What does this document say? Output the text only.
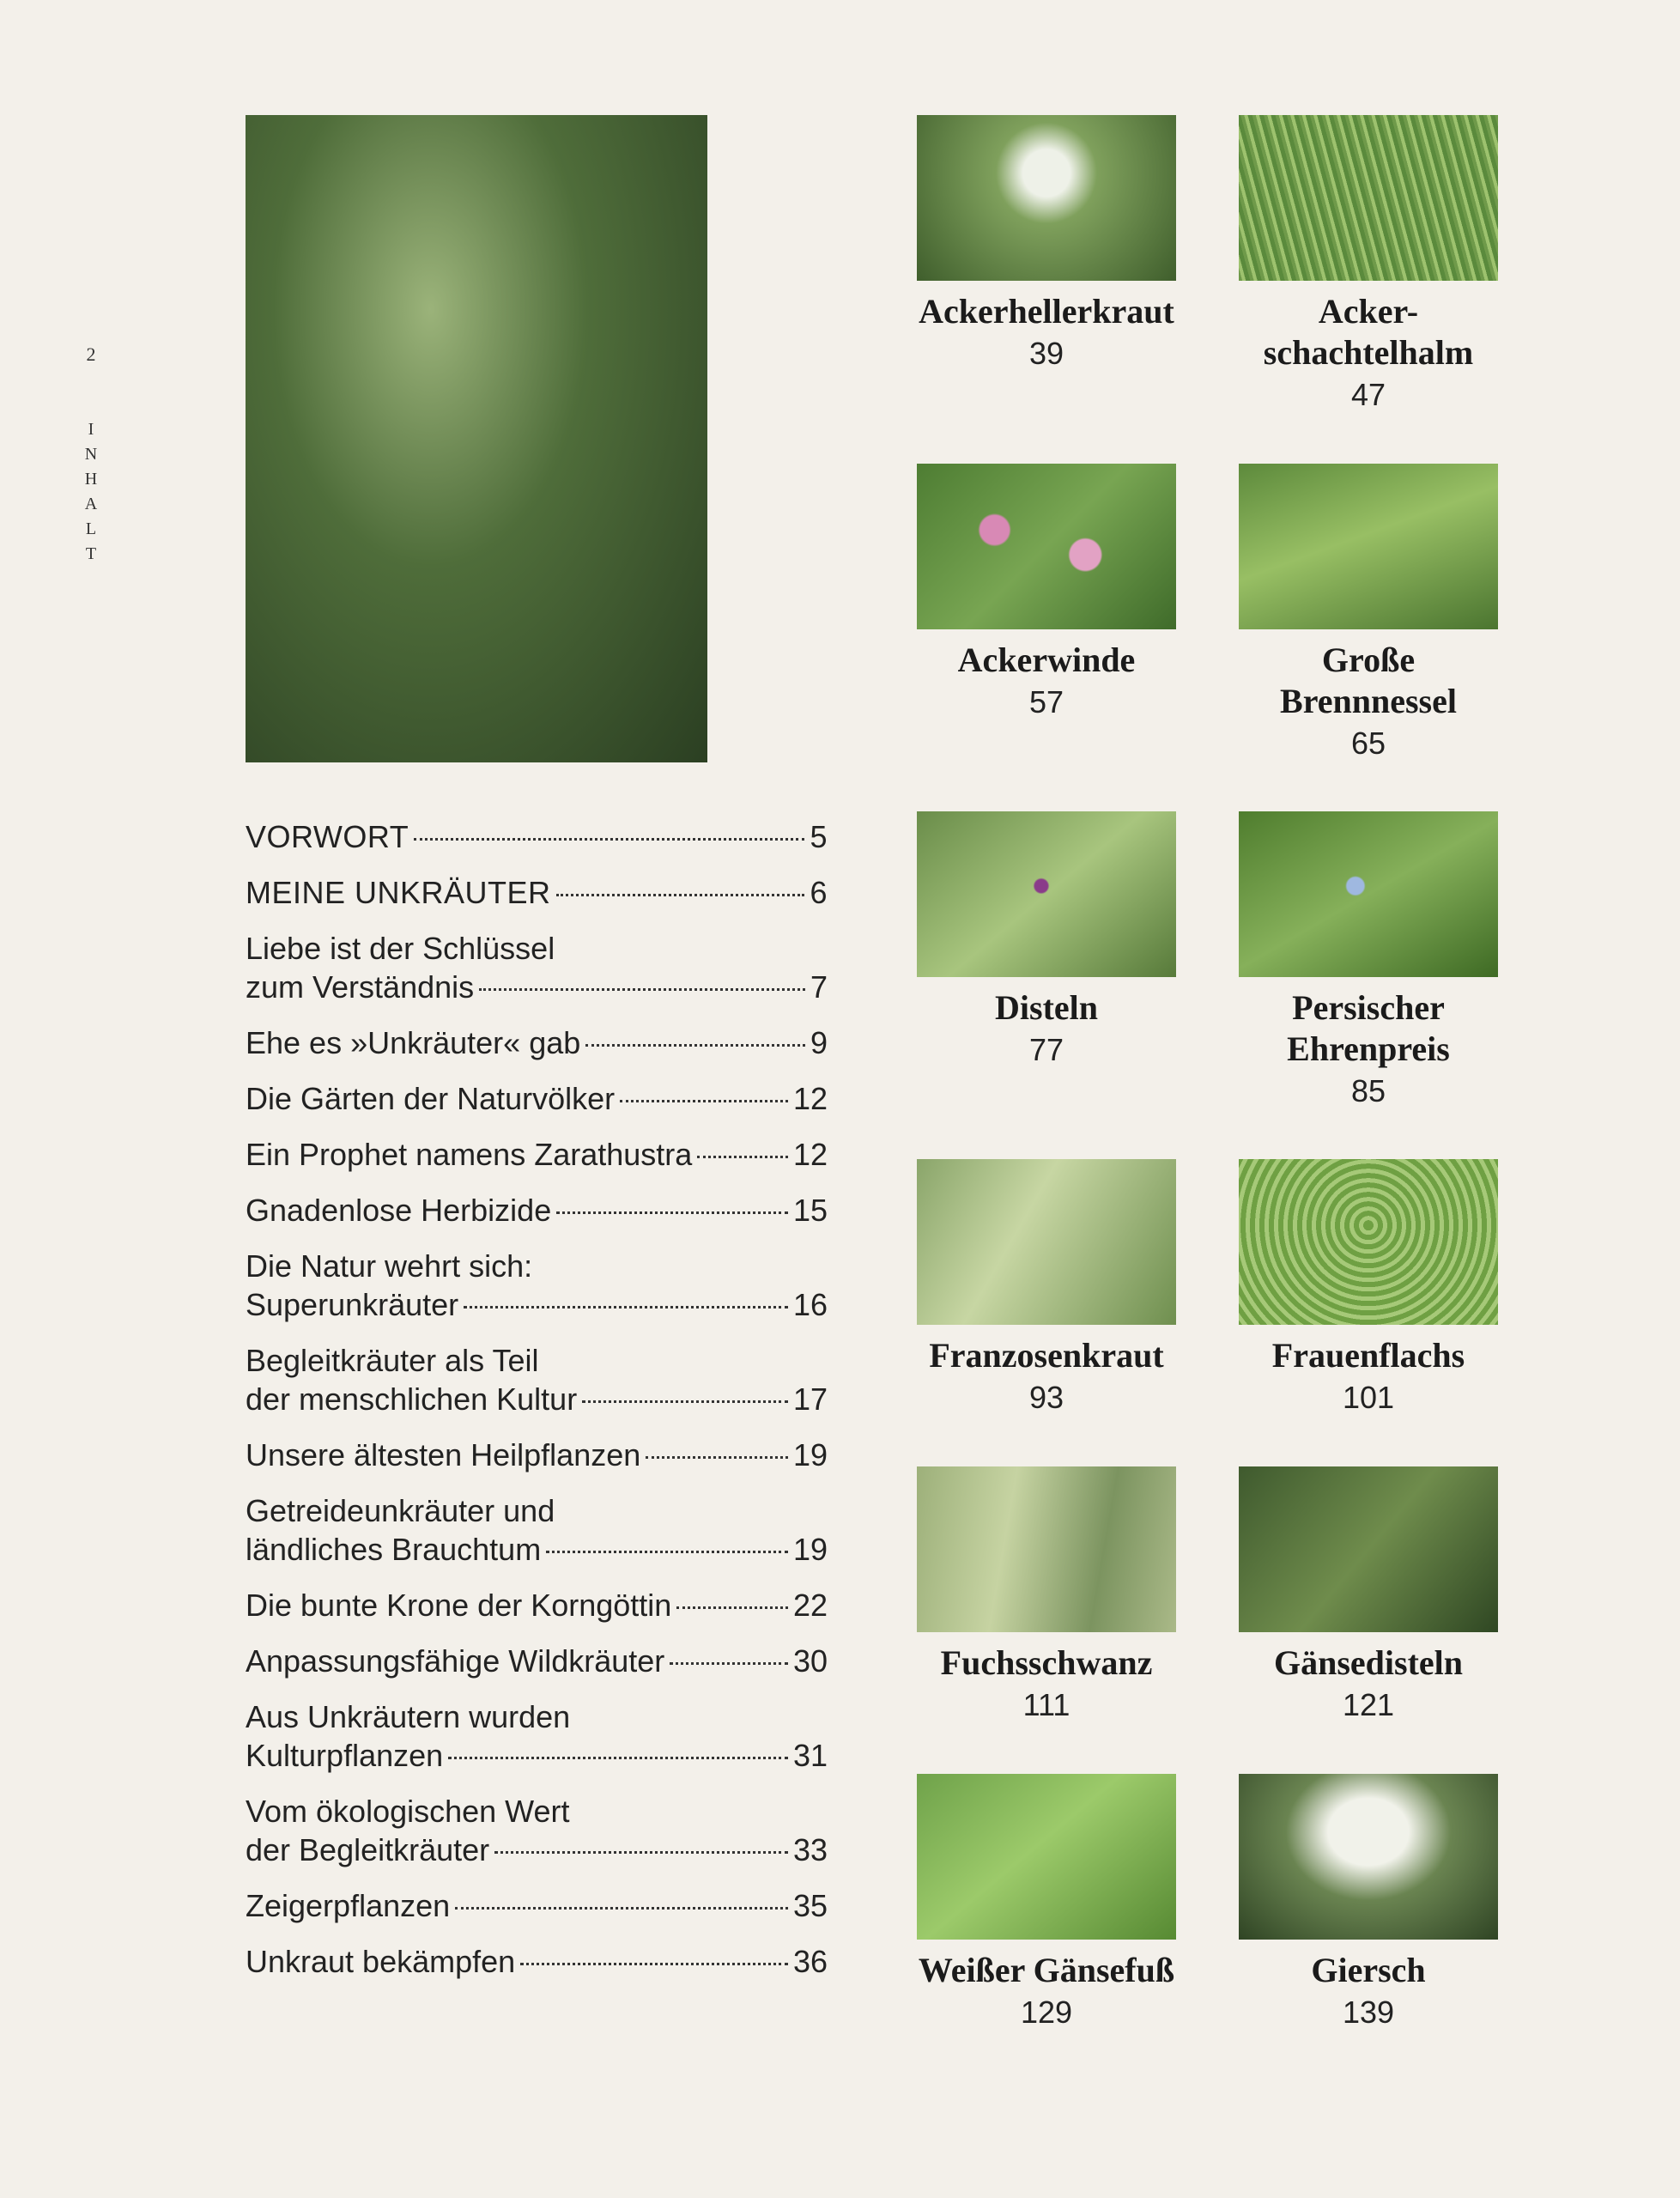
2
I
N
H
A
L
T
VORWORT	5
MEINE UNKRÄUTER	6
Liebe ist der Schlüssel
zum Verständnis	7
Ehe es »Unkräuter« gab	9
Die Gärten der Naturvölker	12
Ein Prophet namens Zarathustra	12
Gnadenlose Herbizide	15
Die Natur wehrt sich:
Superunkräuter	16
Begleitkräuter als Teil
der menschlichen Kultur	17
Unsere ältesten Heilpflanzen	19
Getreideunkräuter und
ländliches Brauchtum	19
Die bunte Krone der Korngöttin	22
Anpassungsfähige Wildkräuter	30
Aus Unkräutern wurden
Kulturpflanzen	31
Vom ökologischen Wert
der Begleitkräuter	33
Zeigerpflanzen	35
Unkraut bekämpfen	36
Ackerhellerkraut
39
Acker-
schachtelhalm
47
Ackerwinde
57
Große
Brennnessel
65
Disteln
77
Persischer
Ehrenpreis
85
Franzosenkraut
93
Frauenflachs
101
Fuchsschwanz
111
Gänsedisteln
121
Weißer Gänsefuß
129
Giersch
139
